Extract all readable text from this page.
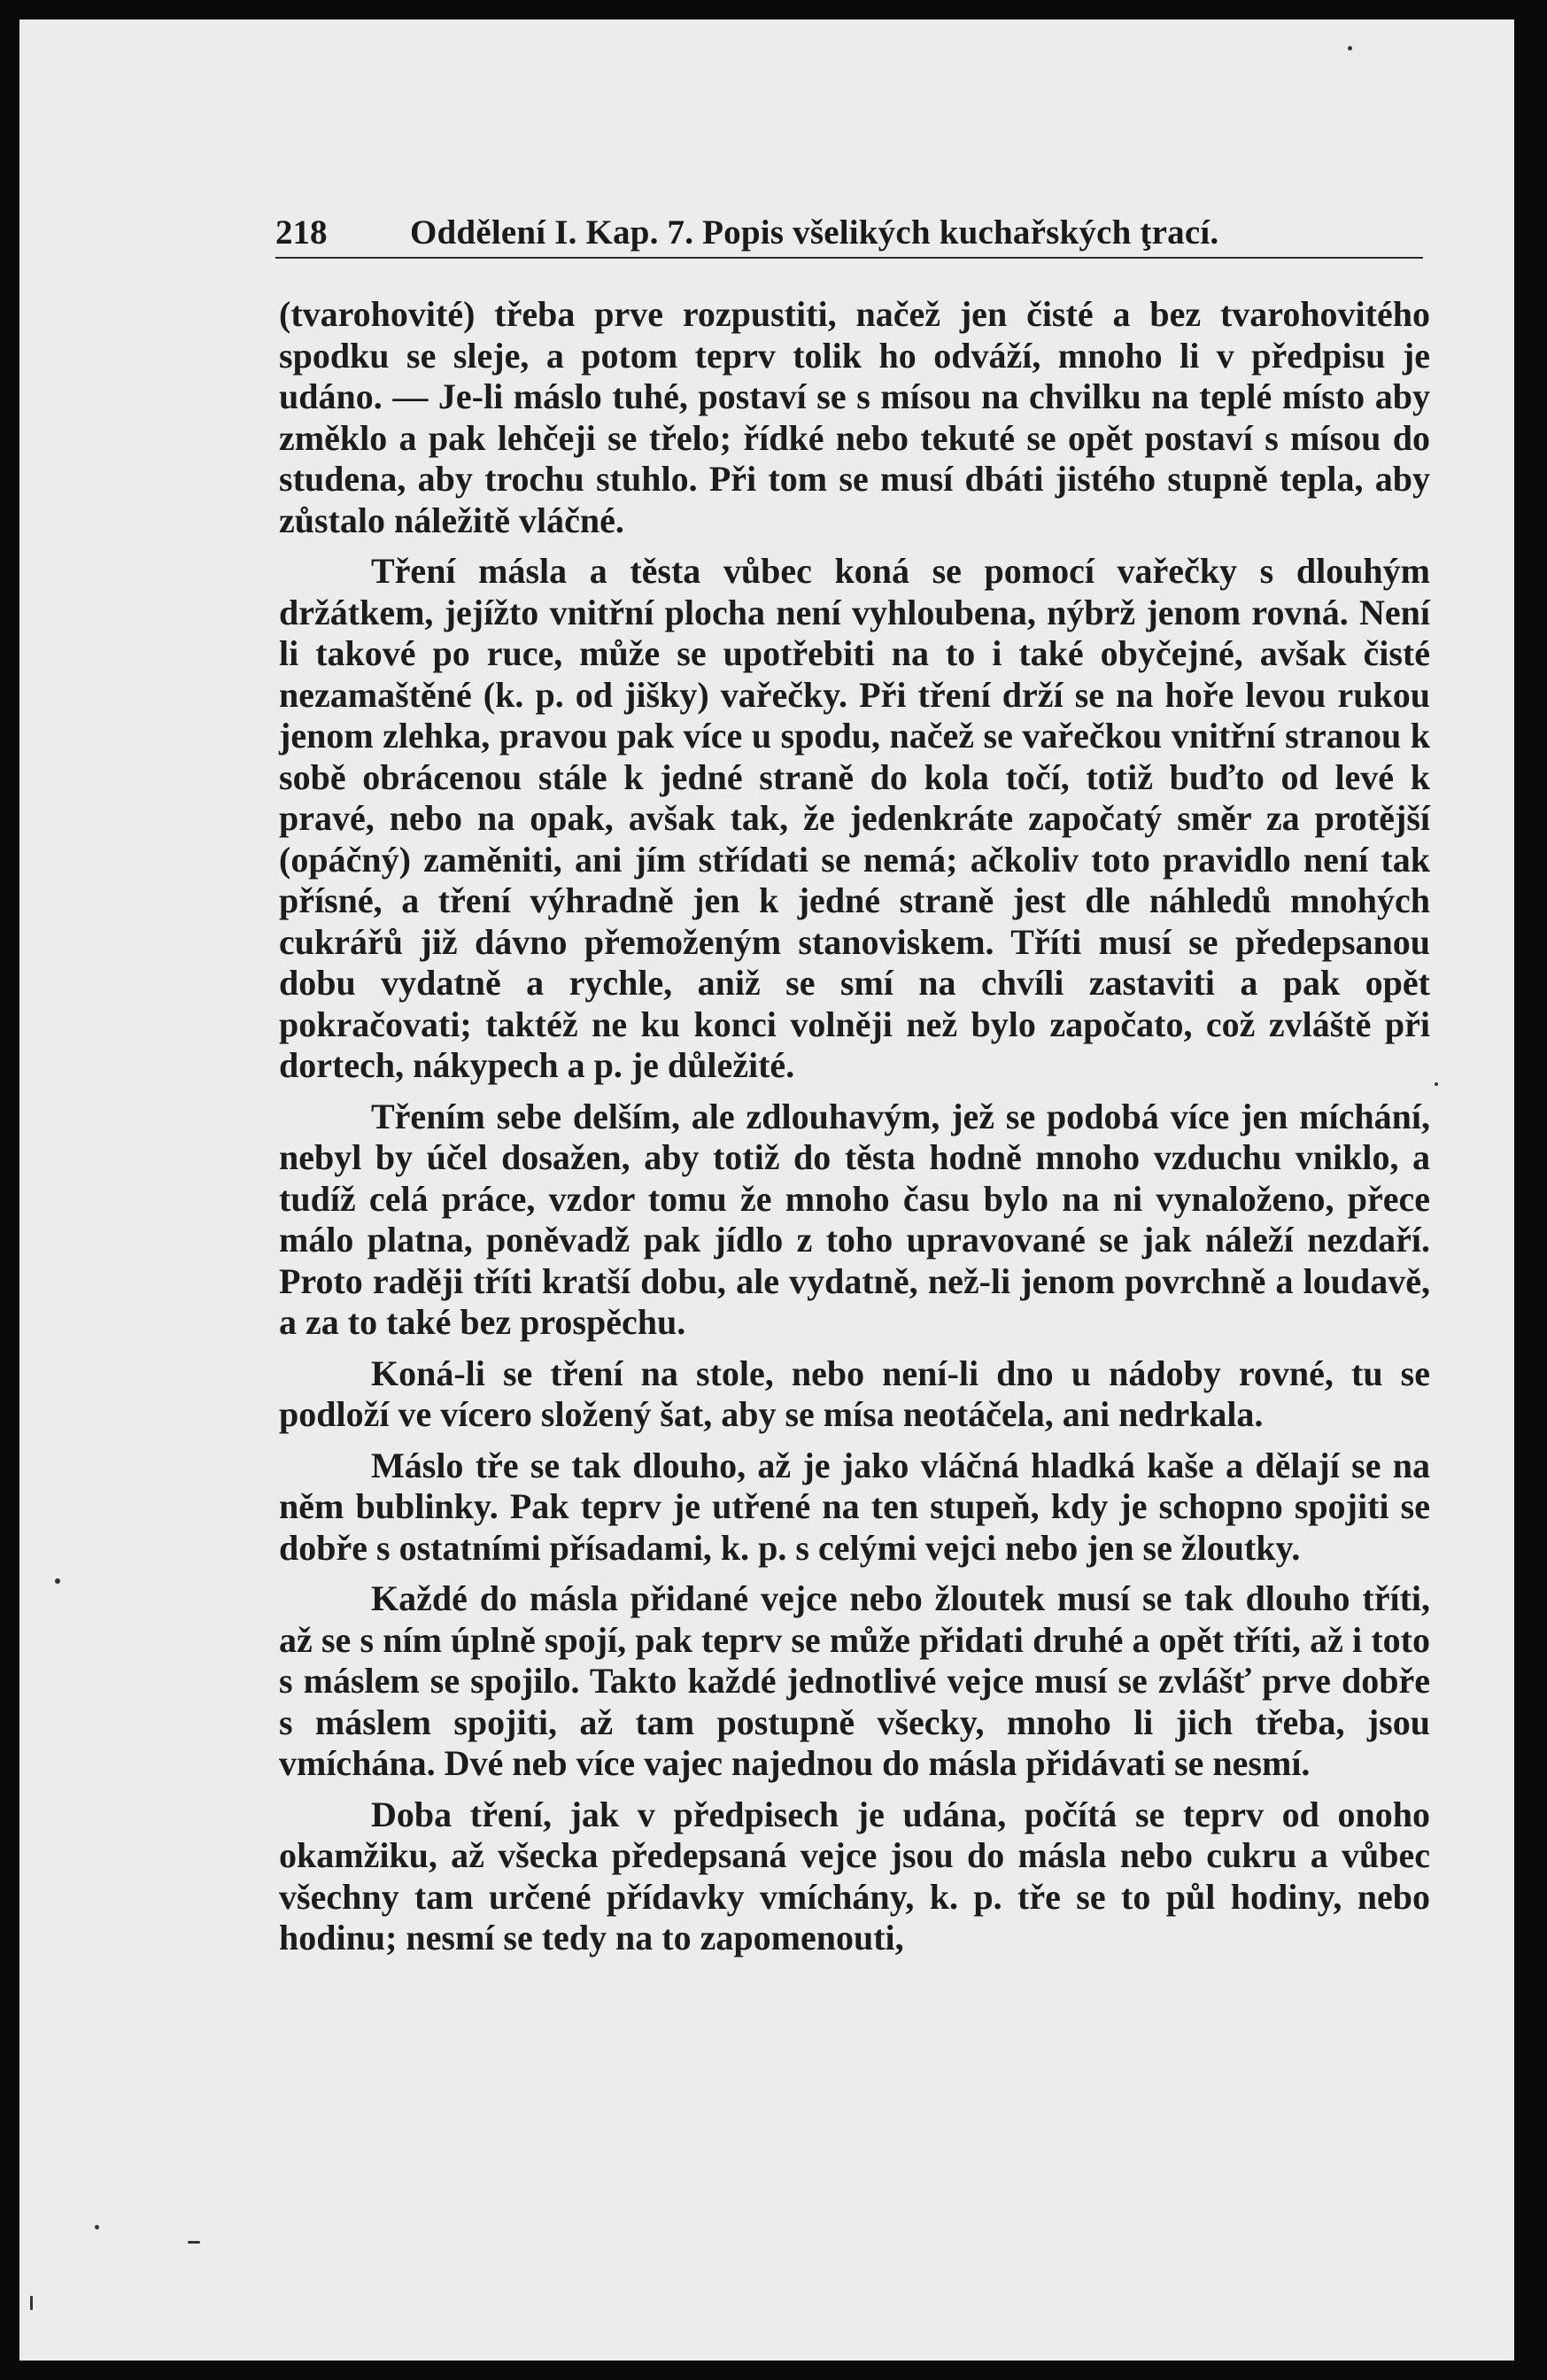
218 Oddělení I. Kap. 7. Popis všelikých kuchařských ţrací.

(tvarohovité) třeba prve rozpustiti, načež jen čisté a bez tvarohovitého spodku se sleje, a potom teprv tolik ho odváží, mnoho li v předpisu je udáno. — Je-li máslo tuhé, postaví se s mísou na chvilku na teplé místo aby změklo a pak lehčeji se třelo; řídké nebo tekuté se opět postaví s mísou do studena, aby trochu stuhlo. Při tom se musí dbáti jistého stupně tepla, aby zůstalo náležitě vláčné.

Tření másla a těsta vůbec koná se pomocí vařečky s dlouhým držátkem, jejížto vnitřní plocha není vyhloubena, nýbrž jenom rovná. Není li takové po ruce, může se upotřebiti na to i také obyčejné, avšak čisté nezamaštěné (k. p. od jišky) vařečky. Při tření drží se na hoře levou rukou jenom zlehka, pravou pak více u spodu, načež se vařečkou vnitřní stranou k sobě obrácenou stále k jedné straně do kola točí, totiž buďto od levé k pravé, nebo na opak, avšak tak, že jedenkráte započatý směr za protější (opáčný) zaměniti, ani jím střídati se nemá; ačkoliv toto pravidlo není tak přísné, a tření výhradně jen k jedné straně jest dle náhledů mnohých cukrářů již dávno přemoženým stanoviskem. Tříti musí se předepsanou dobu vydatně a rychle, aniž se smí na chvíli zastaviti a pak opět pokračovati; taktéž ne ku konci volněji než bylo započato, což zvláště při dortech, nákypech a p. je důležité.

Třením sebe delším, ale zdlouhavým, jež se podobá více jen míchání, nebyl by účel dosažen, aby totiž do těsta hodně mnoho vzduchu vniklo, a tudíž celá práce, vzdor tomu že mnoho času bylo na ni vynaloženo, přece málo platna, poněvadž pak jídlo z toho upravované se jak náleží nezdaří. Proto raději tříti kratší dobu, ale vydatně, než-li jenom povrchně a loudavě, a za to také bez prospěchu.

Koná-li se tření na stole, nebo není-li dno u nádoby rovné, tu se podloží ve vícero složený šat, aby se mísa neotáčela, ani nedrkala.

Máslo tře se tak dlouho, až je jako vláčná hladká kaše a dělají se na něm bublinky. Pak teprv je utřené na ten stupeň, kdy je schopno spojiti se dobře s ostatními přísadami, k. p. s celými vejci nebo jen se žloutky.

Každé do másla přidané vejce nebo žloutek musí se tak dlouho tříti, až se s ním úplně spojí, pak teprv se může přidati druhé a opět tříti, až i toto s máslem se spojilo. Takto každé jednotlivé vejce musí se zvlášť prve dobře s máslem spojiti, až tam postupně všecky, mnoho li jich třeba, jsou vmíchána. Dvé neb více vajec najednou do másla přidávati se nesmí.

Doba tření, jak v předpisech je udána, počítá se teprv od onoho okamžiku, až všecka předepsaná vejce jsou do másla nebo cukru a vůbec všechny tam určené přídavky vmíchány, k. p. tře se to půl hodiny, nebo hodinu; nesmí se tedy na to zapomenouti,
